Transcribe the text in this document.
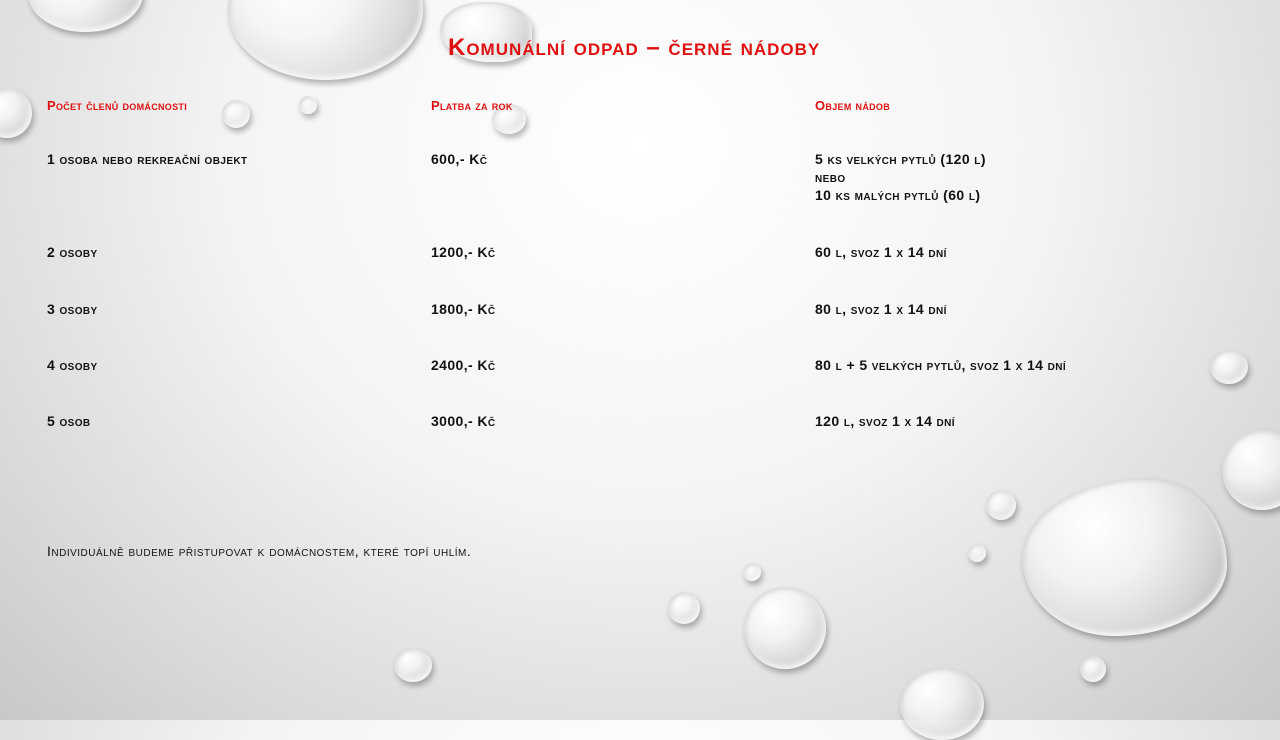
Komunální odpad – černé nádoby
Počet členů domácnosti	Platba za rok	Objem nádob
1 osoba nebo rekreační objekt	600,- Kč	5 ks velkých pytlů (120 l)
nebo
10 ks malých pytlů (60 l)
2 osoby	1200,- Kč	60 l, svoz 1 x 14 dní
3 osoby	1800,- Kč	80 l, svoz 1 x 14 dní
4 osoby	2400,- Kč	80 l + 5 velkých pytlů, svoz 1 x 14 dní
5 osob	3000,- Kč	120 l, svoz 1 x 14 dní
Individuálně budeme přistupovat k domácnostem, které topí uhlím.
